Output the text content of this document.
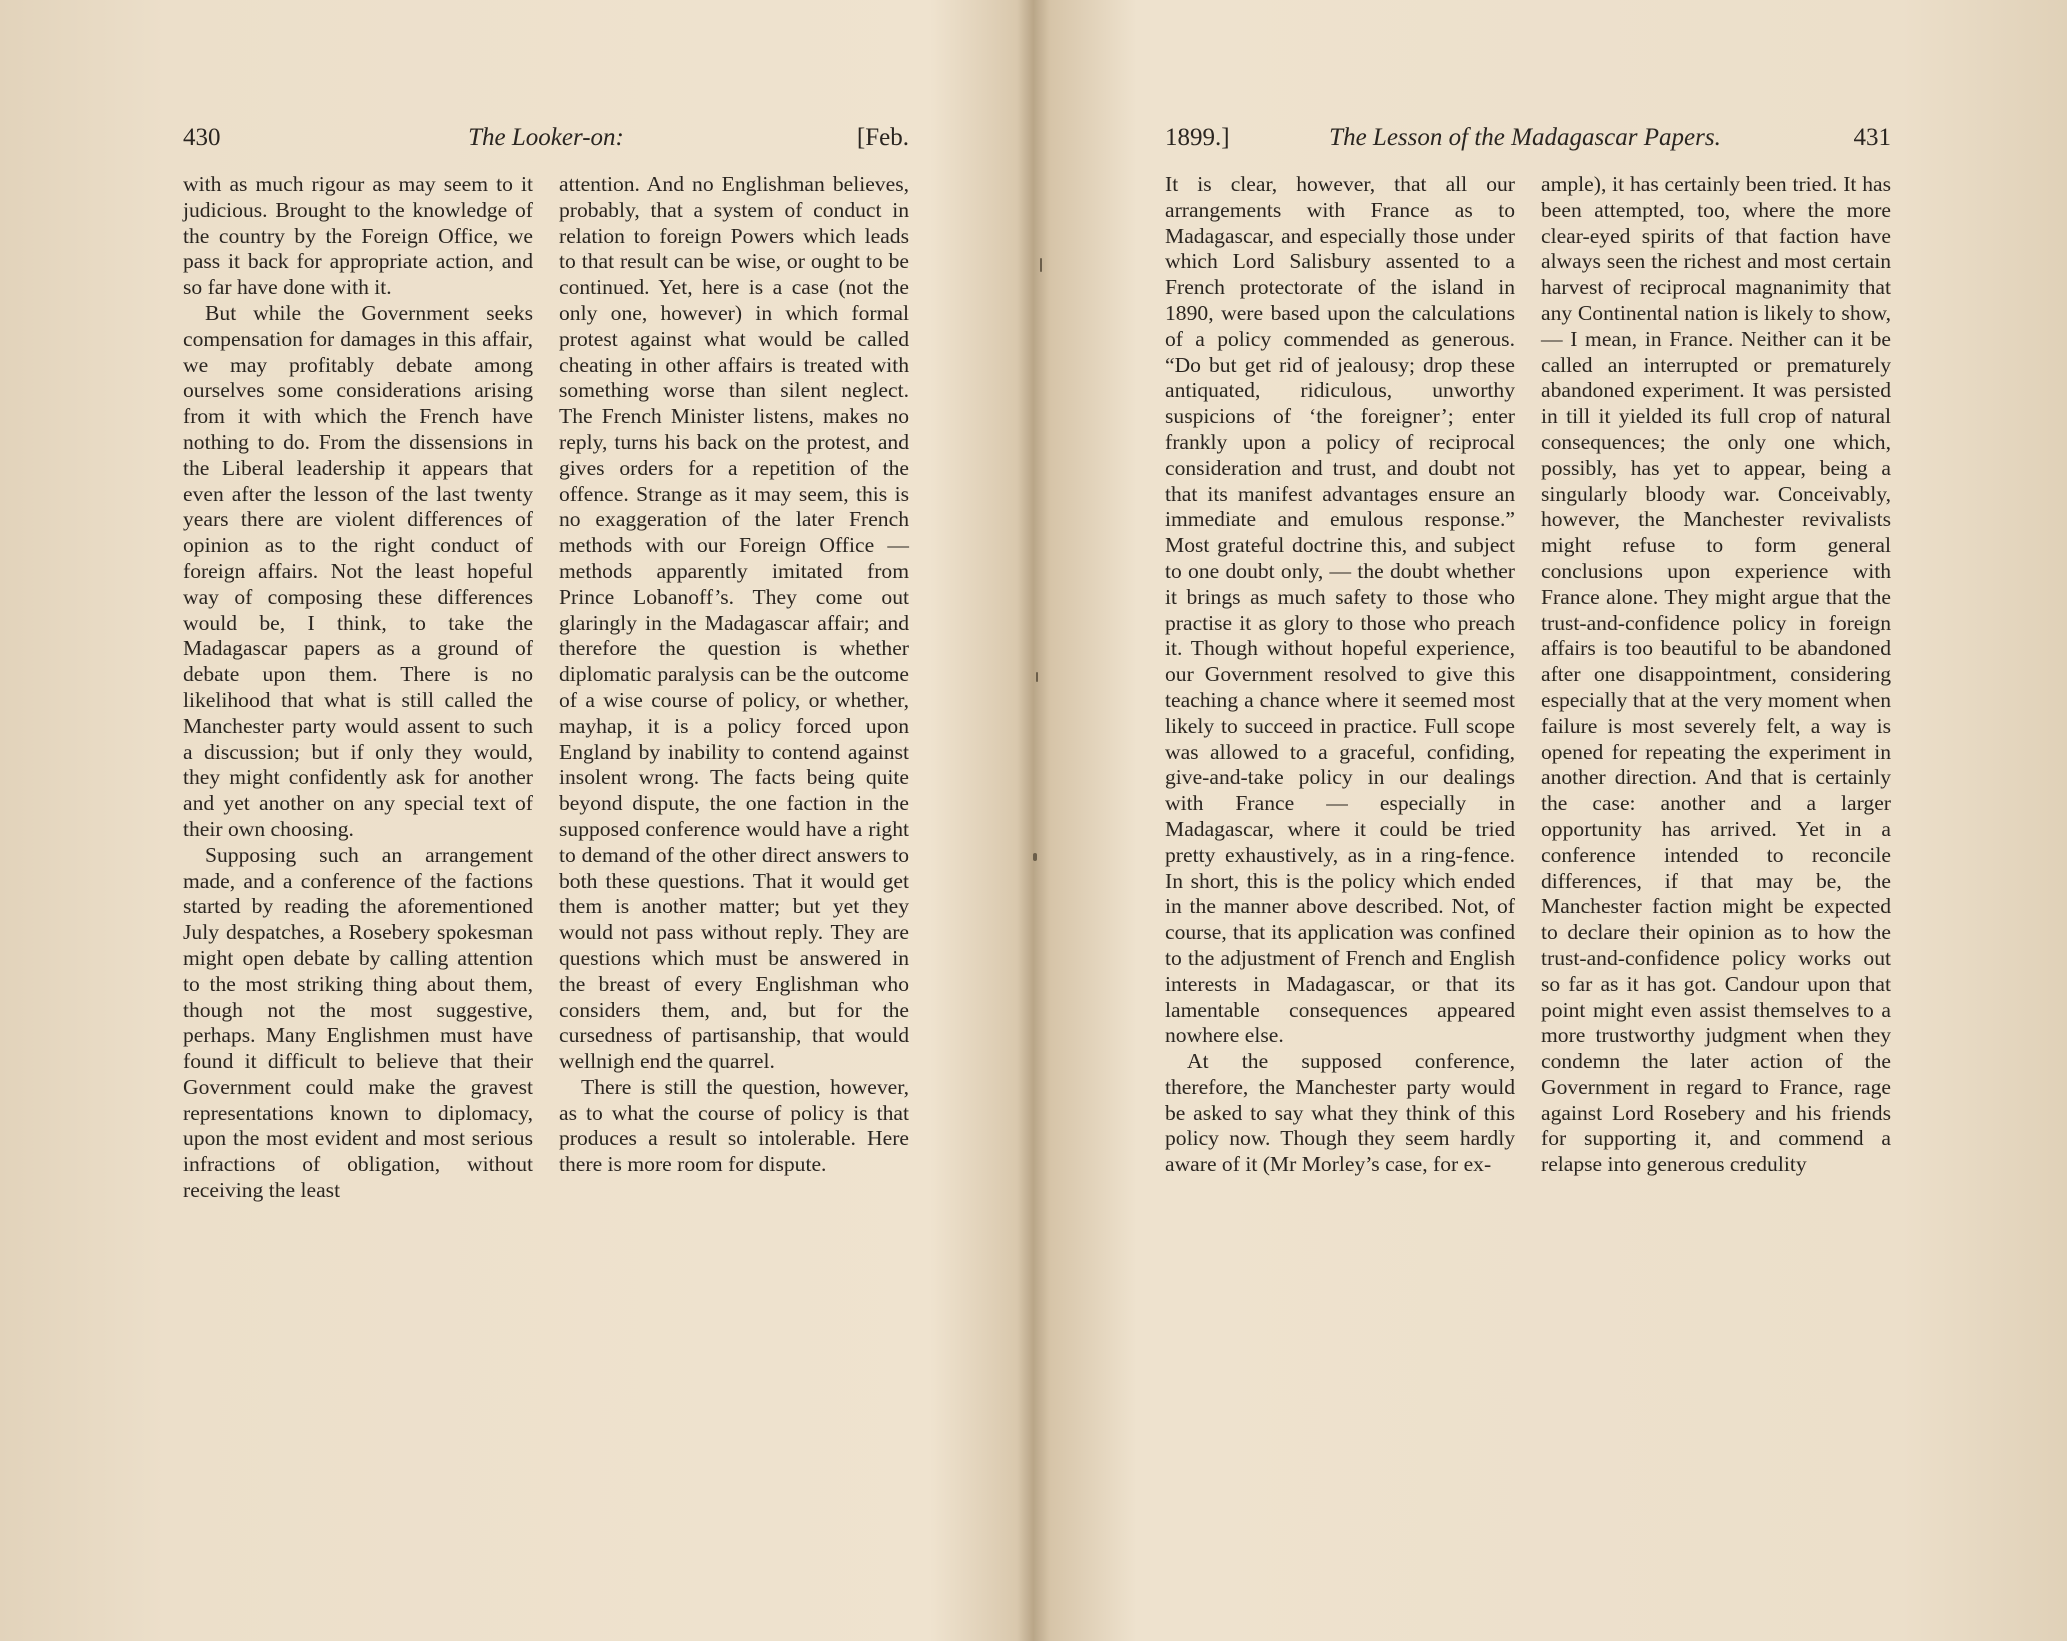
430	The Looker-on:	[Feb.

with as much rigour as may seem to it judicious. Brought to the knowledge of the country by the Foreign Office, we pass it back for appropriate action, and so far have done with it.

But while the Government seeks compensation for damages in this affair, we may profitably debate among ourselves some considerations arising from it with which the French have nothing to do. From the dissensions in the Liberal leadership it appears that even after the lesson of the last twenty years there are violent differences of opinion as to the right conduct of foreign affairs. Not the least hopeful way of composing these differences would be, I think, to take the Madagascar papers as a ground of debate upon them. There is no likelihood that what is still called the Manchester party would assent to such a discussion; but if only they would, they might confidently ask for another and yet another on any special text of their own choosing.

Supposing such an arrangement made, and a conference of the factions started by reading the aforementioned July despatches, a Rosebery spokesman might open debate by calling attention to the most striking thing about them, though not the most suggestive, perhaps. Many Englishmen must have found it difficult to believe that their Government could make the gravest representations known to diplomacy, upon the most evident and most serious infractions of obligation, without receiving the least

attention. And no Englishman believes, probably, that a system of conduct in relation to foreign Powers which leads to that result can be wise, or ought to be continued. Yet, here is a case (not the only one, however) in which formal protest against what would be called cheating in other affairs is treated with something worse than silent neglect. The French Minister listens, makes no reply, turns his back on the protest, and gives orders for a repetition of the offence. Strange as it may seem, this is no exaggeration of the later French methods with our Foreign Office — methods apparently imitated from Prince Lobanoff’s. They come out glaringly in the Madagascar affair; and therefore the question is whether diplomatic paralysis can be the outcome of a wise course of policy, or whether, mayhap, it is a policy forced upon England by inability to contend against insolent wrong. The facts being quite beyond dispute, the one faction in the supposed conference would have a right to demand of the other direct answers to both these questions. That it would get them is another matter; but yet they would not pass without reply. They are questions which must be answered in the breast of every Englishman who considers them, and, but for the cursedness of partisanship, that would wellnigh end the quarrel.

There is still the question, however, as to what the course of policy is that produces a result so intolerable. Here there is more room for dispute.

1899.]	The Lesson of the Madagascar Papers.	431

It is clear, however, that all our arrangements with France as to Madagascar, and especially those under which Lord Salisbury assented to a French protectorate of the island in 1890, were based upon the calculations of a policy commended as generous. “Do but get rid of jealousy; drop these antiquated, ridiculous, unworthy suspicions of ‘the foreigner’; enter frankly upon a policy of reciprocal consideration and trust, and doubt not that its manifest advantages ensure an immediate and emulous response.” Most grateful doctrine this, and subject to one doubt only, — the doubt whether it brings as much safety to those who practise it as glory to those who preach it. Though without hopeful experience, our Government resolved to give this teaching a chance where it seemed most likely to succeed in practice. Full scope was allowed to a graceful, confiding, give-and-take policy in our dealings with France — especially in Madagascar, where it could be tried pretty exhaustively, as in a ring-fence. In short, this is the policy which ended in the manner above described. Not, of course, that its application was confined to the adjustment of French and English interests in Madagascar, or that its lamentable consequences appeared nowhere else.

At the supposed conference, therefore, the Manchester party would be asked to say what they think of this policy now. Though they seem hardly aware of it (Mr Morley’s case, for ex-

ample), it has certainly been tried. It has been attempted, too, where the more clear-eyed spirits of that faction have always seen the richest and most certain harvest of reciprocal magnanimity that any Continental nation is likely to show, — I mean, in France. Neither can it be called an interrupted or prematurely abandoned experiment. It was persisted in till it yielded its full crop of natural consequences; the only one which, possibly, has yet to appear, being a singularly bloody war. Conceivably, however, the Manchester revivalists might refuse to form general conclusions upon experience with France alone. They might argue that the trust-and-confidence policy in foreign affairs is too beautiful to be abandoned after one disappointment, considering especially that at the very moment when failure is most severely felt, a way is opened for repeating the experiment in another direction. And that is certainly the case: another and a larger opportunity has arrived. Yet in a conference intended to reconcile differences, if that may be, the Manchester faction might be expected to declare their opinion as to how the trust-and-confidence policy works out so far as it has got. Candour upon that point might even assist themselves to a more trustworthy judgment when they condemn the later action of the Government in regard to France, rage against Lord Rosebery and his friends for supporting it, and commend a relapse into generous credulity
